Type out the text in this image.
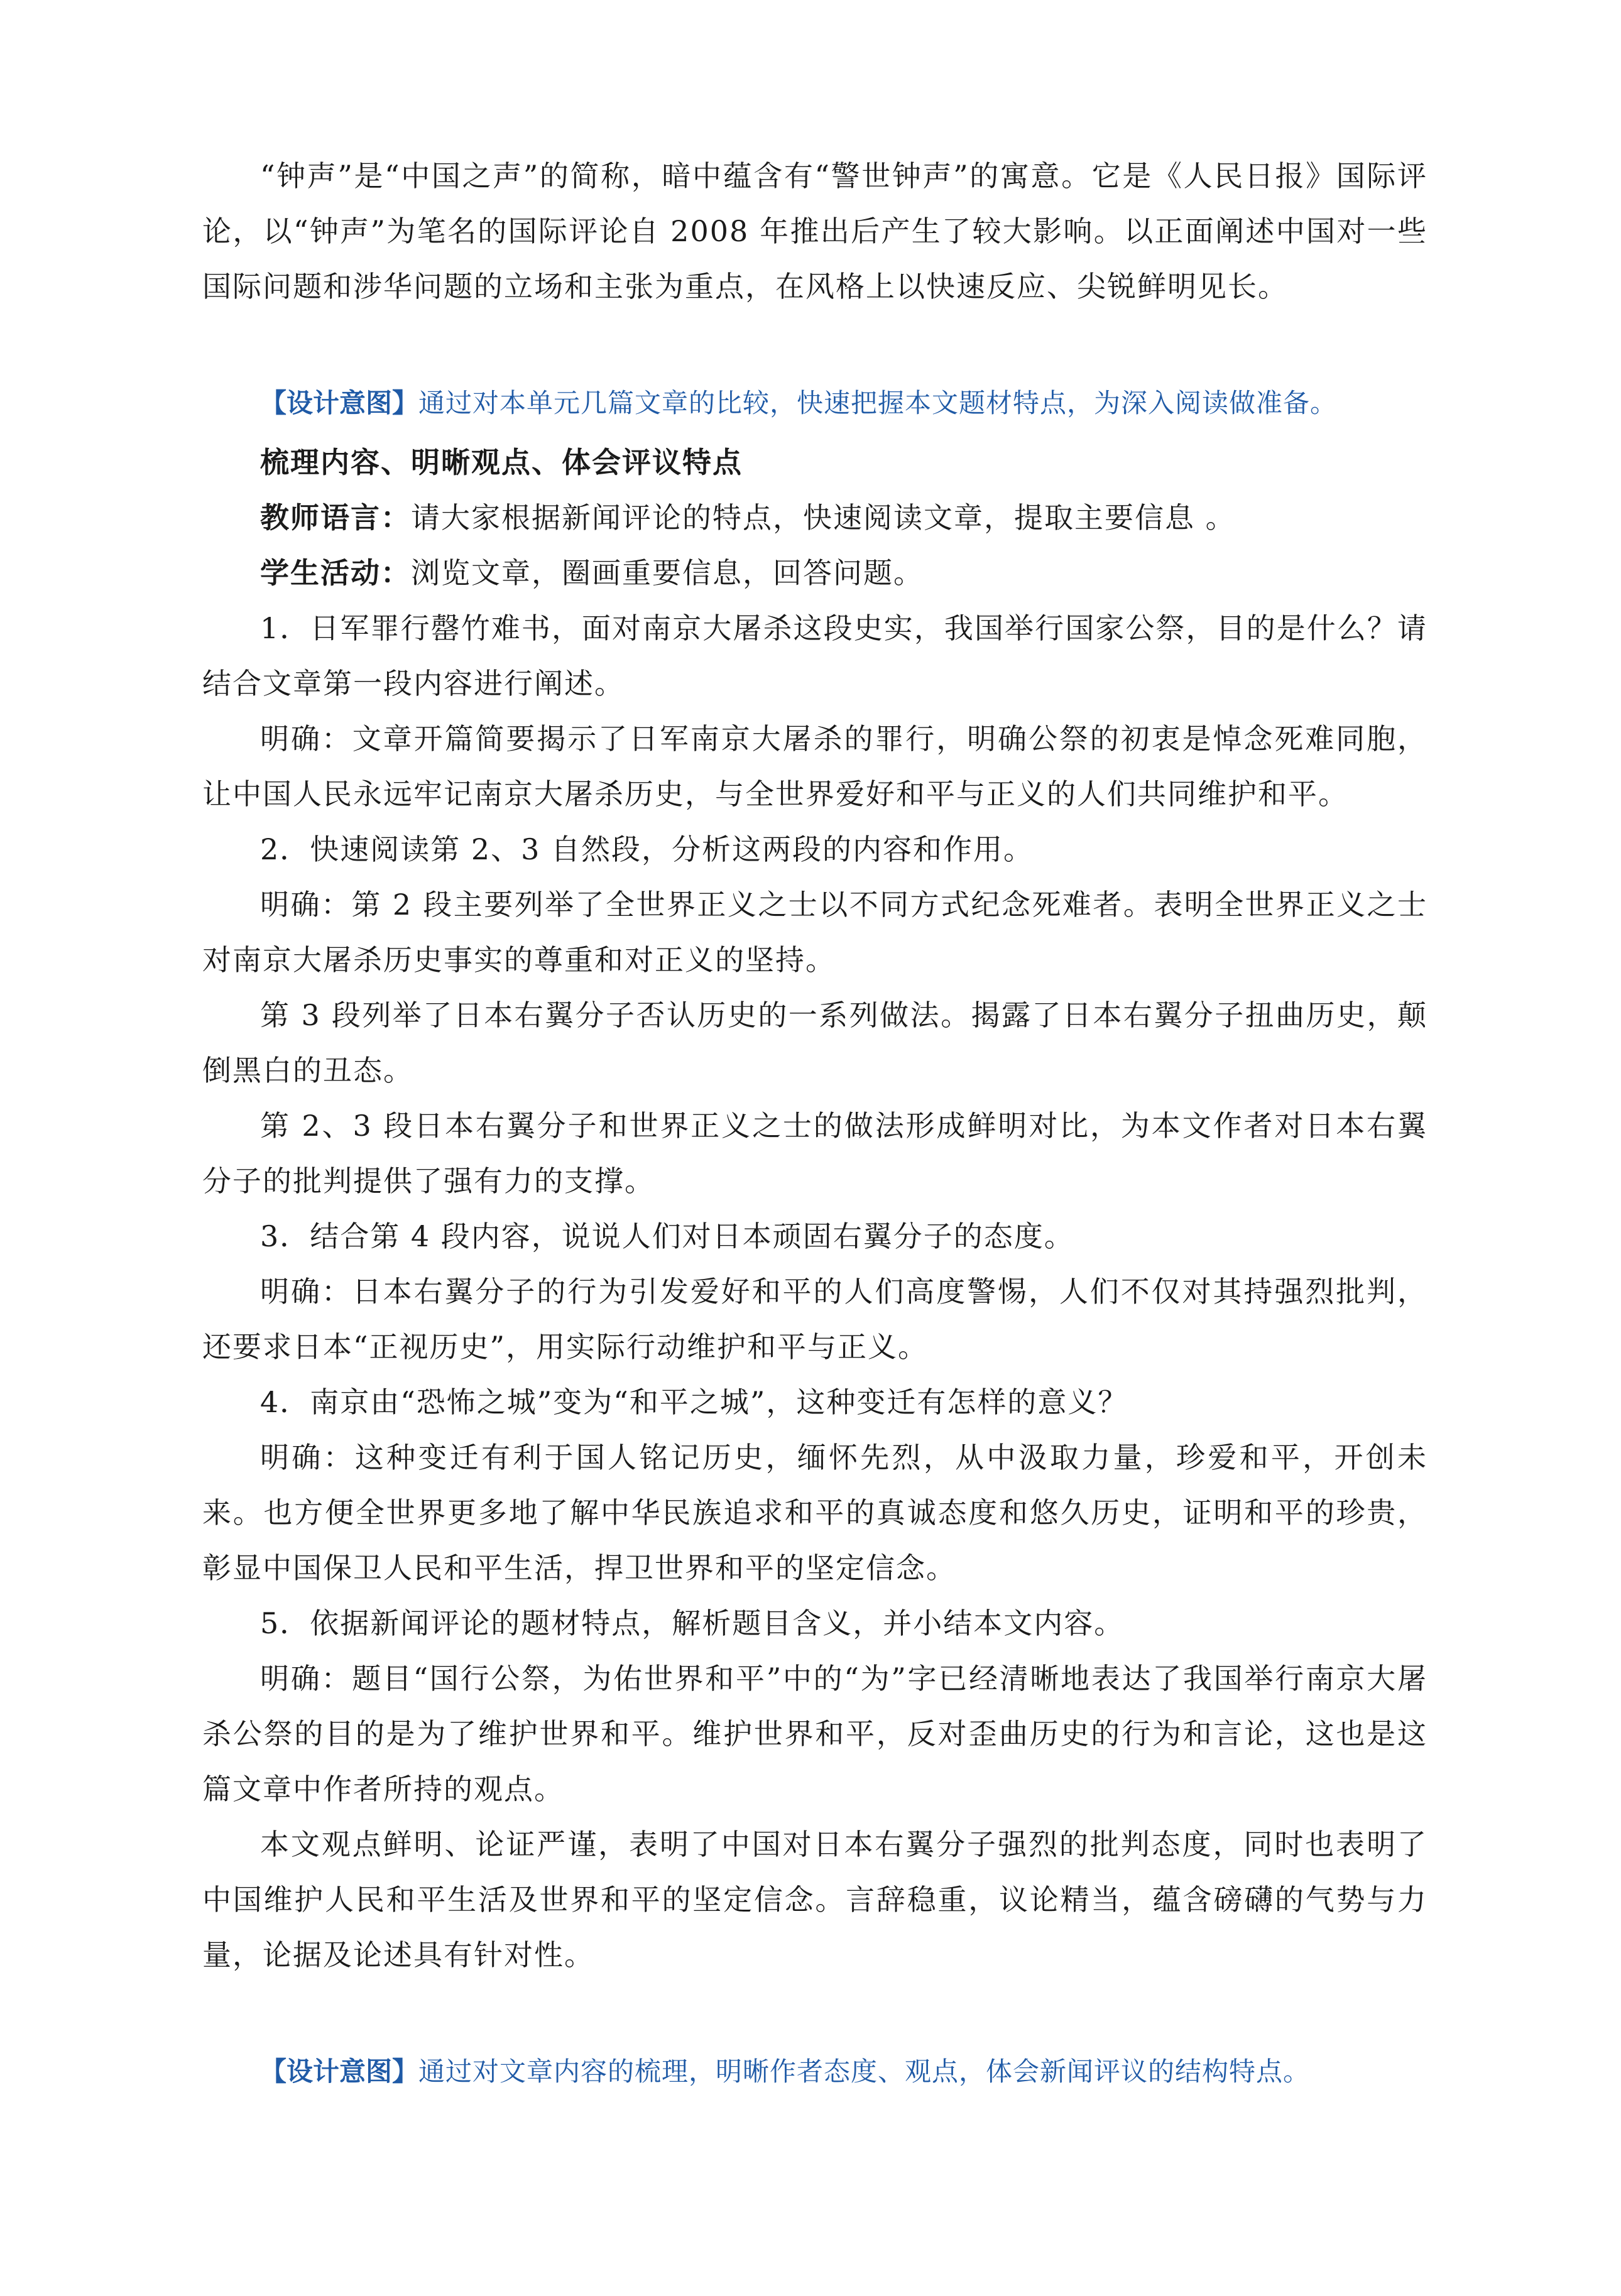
“钟声”是“中国之声”的简称，暗中蕴含有“警世钟声”的寓意。它是《人民日报》国际评论，以“钟声”为笔名的国际评论自 2008 年推出后产生了较大影响。以正面阐述中国对一些国际问题和涉华问题的立场和主张为重点，在风格上以快速反应、尖锐鲜明见长。

【设计意图】通过对本单元几篇文章的比较，快速把握本文题材特点，为深入阅读做准备。

梳理内容、明晰观点、体会评议特点

教师语言：请大家根据新闻评论的特点，快速阅读文章，提取主要信息 。

学生活动：浏览文章，圈画重要信息，回答问题。

1．日军罪行罄竹难书，面对南京大屠杀这段史实，我国举行国家公祭，目的是什么？请结合文章第一段内容进行阐述。

明确：文章开篇简要揭示了日军南京大屠杀的罪行，明确公祭的初衷是悼念死难同胞，让中国人民永远牢记南京大屠杀历史，与全世界爱好和平与正义的人们共同维护和平。

2．快速阅读第 2、3 自然段，分析这两段的内容和作用。

明确：第 2 段主要列举了全世界正义之士以不同方式纪念死难者。表明全世界正义之士对南京大屠杀历史事实的尊重和对正义的坚持。

第 3 段列举了日本右翼分子否认历史的一系列做法。揭露了日本右翼分子扭曲历史，颠倒黑白的丑态。

第 2、3 段日本右翼分子和世界正义之士的做法形成鲜明对比，为本文作者对日本右翼分子的批判提供了强有力的支撑。

3．结合第 4 段内容，说说人们对日本顽固右翼分子的态度。

明确：日本右翼分子的行为引发爱好和平的人们高度警惕，人们不仅对其持强烈批判，还要求日本“正视历史”，用实际行动维护和平与正义。

4．南京由“恐怖之城”变为“和平之城”，这种变迁有怎样的意义？

明确：这种变迁有利于国人铭记历史，缅怀先烈，从中汲取力量，珍爱和平，开创未来。也方便全世界更多地了解中华民族追求和平的真诚态度和悠久历史，证明和平的珍贵，彰显中国保卫人民和平生活，捍卫世界和平的坚定信念。

5．依据新闻评论的题材特点，解析题目含义，并小结本文内容。

明确：题目“国行公祭，为佑世界和平”中的“为”字已经清晰地表达了我国举行南京大屠杀公祭的目的是为了维护世界和平。维护世界和平，反对歪曲历史的行为和言论，这也是这篇文章中作者所持的观点。

本文观点鲜明、论证严谨，表明了中国对日本右翼分子强烈的批判态度，同时也表明了中国维护人民和平生活及世界和平的坚定信念。言辞稳重，议论精当，蕴含磅礴的气势与力量，论据及论述具有针对性。

【设计意图】通过对文章内容的梳理，明晰作者态度、观点，体会新闻评议的结构特点。
